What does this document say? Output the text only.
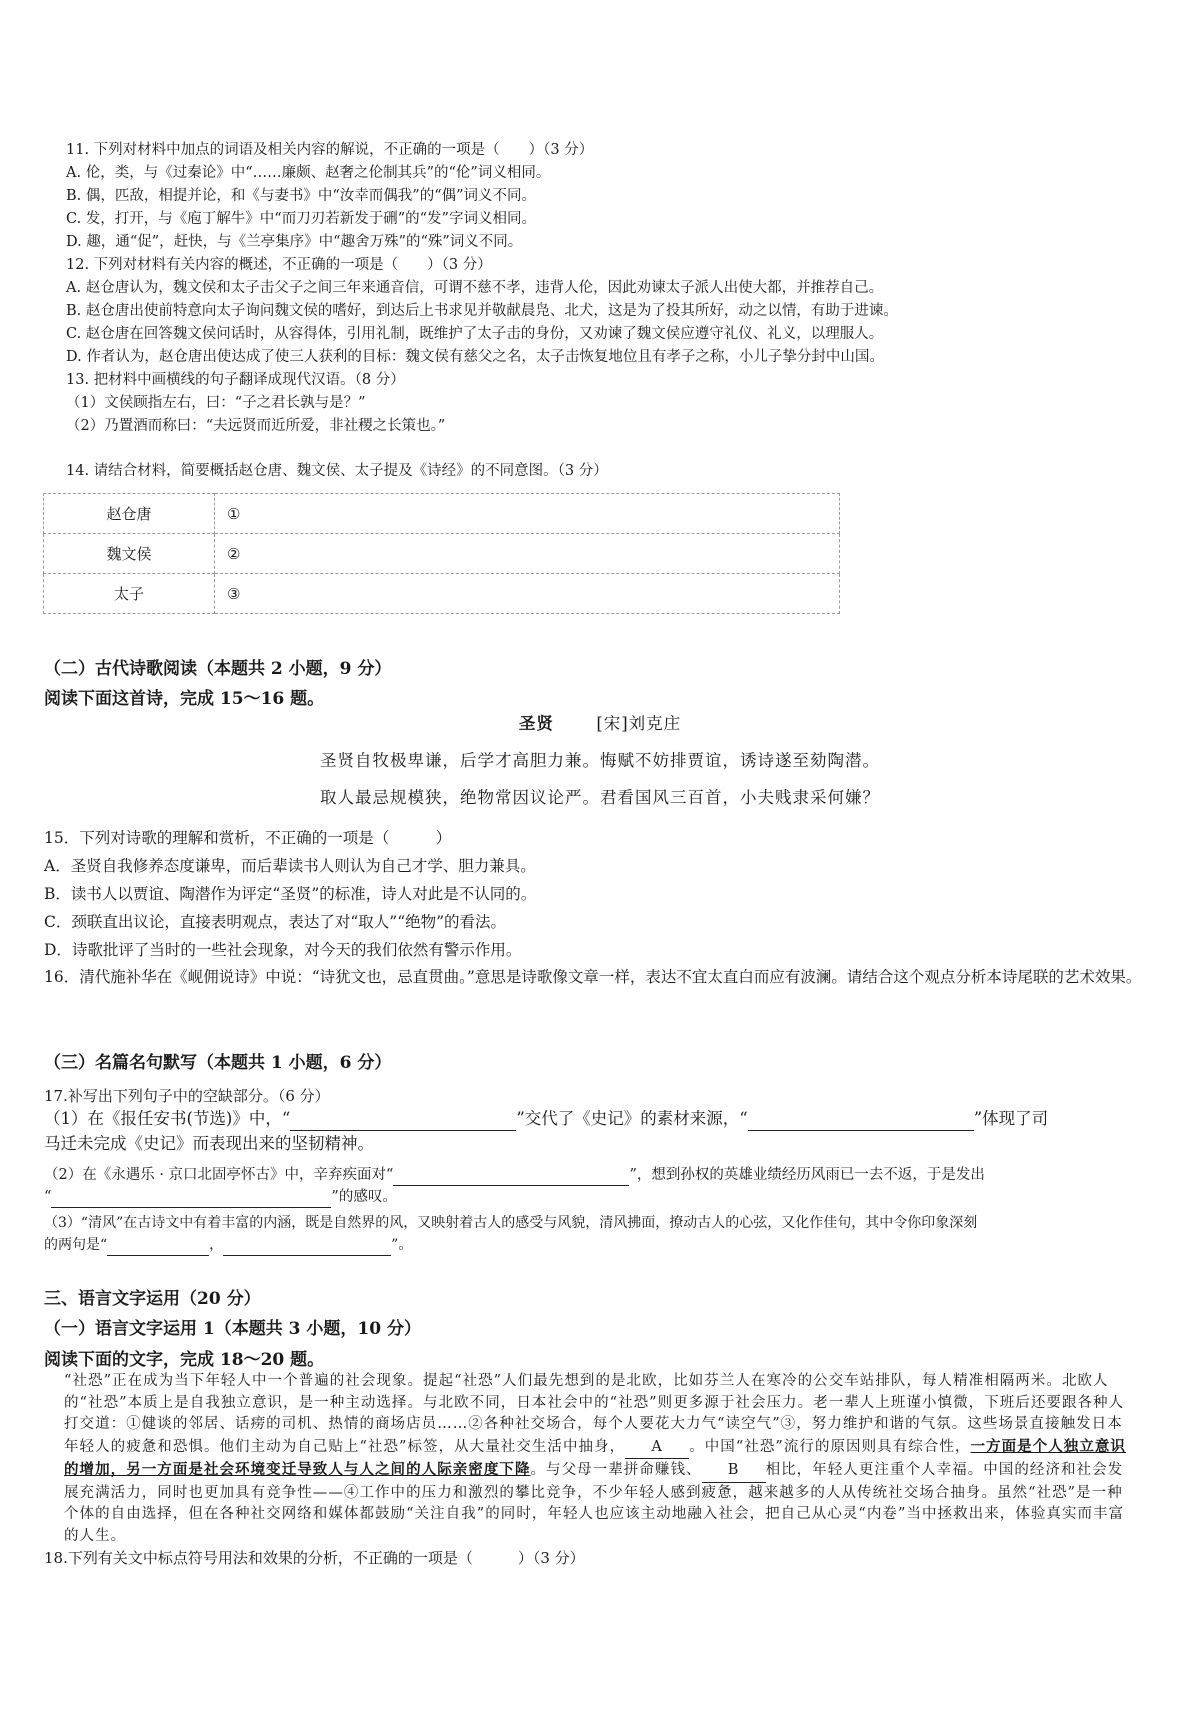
11. 下列对材料中加点的词语及相关内容的解说，不正确的一项是（　　）（3 分）
A. 伦，类，与《过秦论》中“……廉颇、赵奢之伦制其兵”的“伦”词义相同。
B. 偶，匹敌，相提并论，和《与妻书》中“汝幸而偶我”的“偶”词义不同。
C. 发，打开，与《庖丁解牛》中“而刀刃若新发于硎”的“发”字词义相同。
D. 趣，通“促”，赶快，与《兰亭集序》中“趣舍万殊”的“殊”词义不同。
12. 下列对材料有关内容的概述，不正确的一项是（　　）（3 分）
A. 赵仓唐认为，魏文侯和太子击父子之间三年来通音信，可谓不慈不孝，违背人伦，因此劝谏太子派人出使大都，并推荐自己。
B. 赵仓唐出使前特意向太子询问魏文侯的嗜好，到达后上书求见并敬献晨凫、北犬，这是为了投其所好，动之以情，有助于进谏。
C. 赵仓唐在回答魏文侯问话时，从容得体，引用礼制，既维护了太子击的身份，又劝谏了魏文侯应遵守礼仪、礼义，以理服人。
D. 作者认为，赵仓唐出使达成了使三人获利的目标：魏文侯有慈父之名，太子击恢复地位且有孝子之称，小儿子挚分封中山国。
13. 把材料中画横线的句子翻译成现代汉语。（8 分）
（1）文侯顾指左右，曰：“子之君长孰与是？”
（2）乃置酒而称曰：“夫远贤而近所爱，非社稷之长策也。”
14. 请结合材料，简要概括赵仓唐、魏文侯、太子提及《诗经》的不同意图。（3 分）
赵仓唐	①
魏文侯	②
太子	③
（二）古代诗歌阅读（本题共 2 小题，9 分）
阅读下面这首诗，完成 15～16 题。
圣贤	[宋]刘克庄
圣贤自牧极卑谦，后学才高胆力兼。悔赋不妨排贾谊，诱诗遂至劾陶潜。
取人最忌规模狭，绝物常因议论严。君看国风三百首，小夫贱隶采何嫌？
15．下列对诗歌的理解和赏析，不正确的一项是（　　　）
A．圣贤自我修养态度谦卑，而后辈读书人则认为自己才学、胆力兼具。
B．读书人以贾谊、陶潜作为评定“圣贤”的标准，诗人对此是不认同的。
C．颈联直出议论，直接表明观点，表达了对“取人”“绝物”的看法。
D．诗歌批评了当时的一些社会现象，对今天的我们依然有警示作用。
16．清代施补华在《岘佣说诗》中说：“诗犹文也，忌直贯曲。”意思是诗歌像文章一样，表达不宜太直白而应有波澜。请结合这个观点分析本诗尾联的艺术效果。
（三）名篇名句默写（本题共 1 小题，6 分）
17.补写出下列句子中的空缺部分。（6 分）
（1）在《报任安书(节选)》中，“	”交代了《史记》的素材来源，“	”体现了司
马迁未完成《史记》而表现出来的坚韧精神。
（2）在《永遇乐 · 京口北固亭怀古》中，辛弃疾面对“	”，想到孙权的英雄业绩经历风雨已一去不返，于是发出
“	”的感叹。
（3）“清风”在古诗文中有着丰富的内涵，既是自然界的风，又映射着古人的感受与风貌，清风拂面，撩动古人的心弦，又化作佳句，其中令你印象深刻
的两句是“	，	”。
三、语言文字运用（20 分）
（一）语言文字运用 1（本题共 3 小题，10 分）
阅读下面的文字，完成 18～20 题。
“社恐”正在成为当下年轻人中一个普遍的社会现象。提起“社恐”人们最先想到的是北欧，比如芬兰人在寒冷的公交车站排队，每人精准相隔两米。北欧人的“社恐”本质上是自我独立意识，是一种主动选择。与北欧不同，日本社会中的“社恐”则更多源于社会压力。老一辈人上班谨小慎微，下班后还要跟各种人打交道：①健谈的邻居、话痨的司机、热情的商场店员……②各种社交场合，每个人要花大力气“读空气”③，努力维护和谐的气氛。这些场景直接触发日本年轻人的疲惫和恐惧。他们主动为自己贴上“社恐”标签，从大量社交生活中抽身， A 。中国“社恐”流行的原因则具有综合性，一方面是个人独立意识的增加，另一方面是社会环境变迁导致人与人之间的人际亲密度下降。与父母一辈拼命赚钱、 B 相比，年轻人更注重个人幸福。中国的经济和社会发展充满活力，同时也更加具有竞争性——④工作中的压力和激烈的攀比竞争，不少年轻人感到疲惫，越来越多的人从传统社交场合抽身。虽然“社恐”是一种个体的自由选择，但在各种社交网络和媒体都鼓励“关注自我”的同时，年轻人也应该主动地融入社会，把自己从心灵“内卷”当中拯救出来，体验真实而丰富的人生。
18.下列有关文中标点符号用法和效果的分析，不正确的一项是（　　　）（3 分）
